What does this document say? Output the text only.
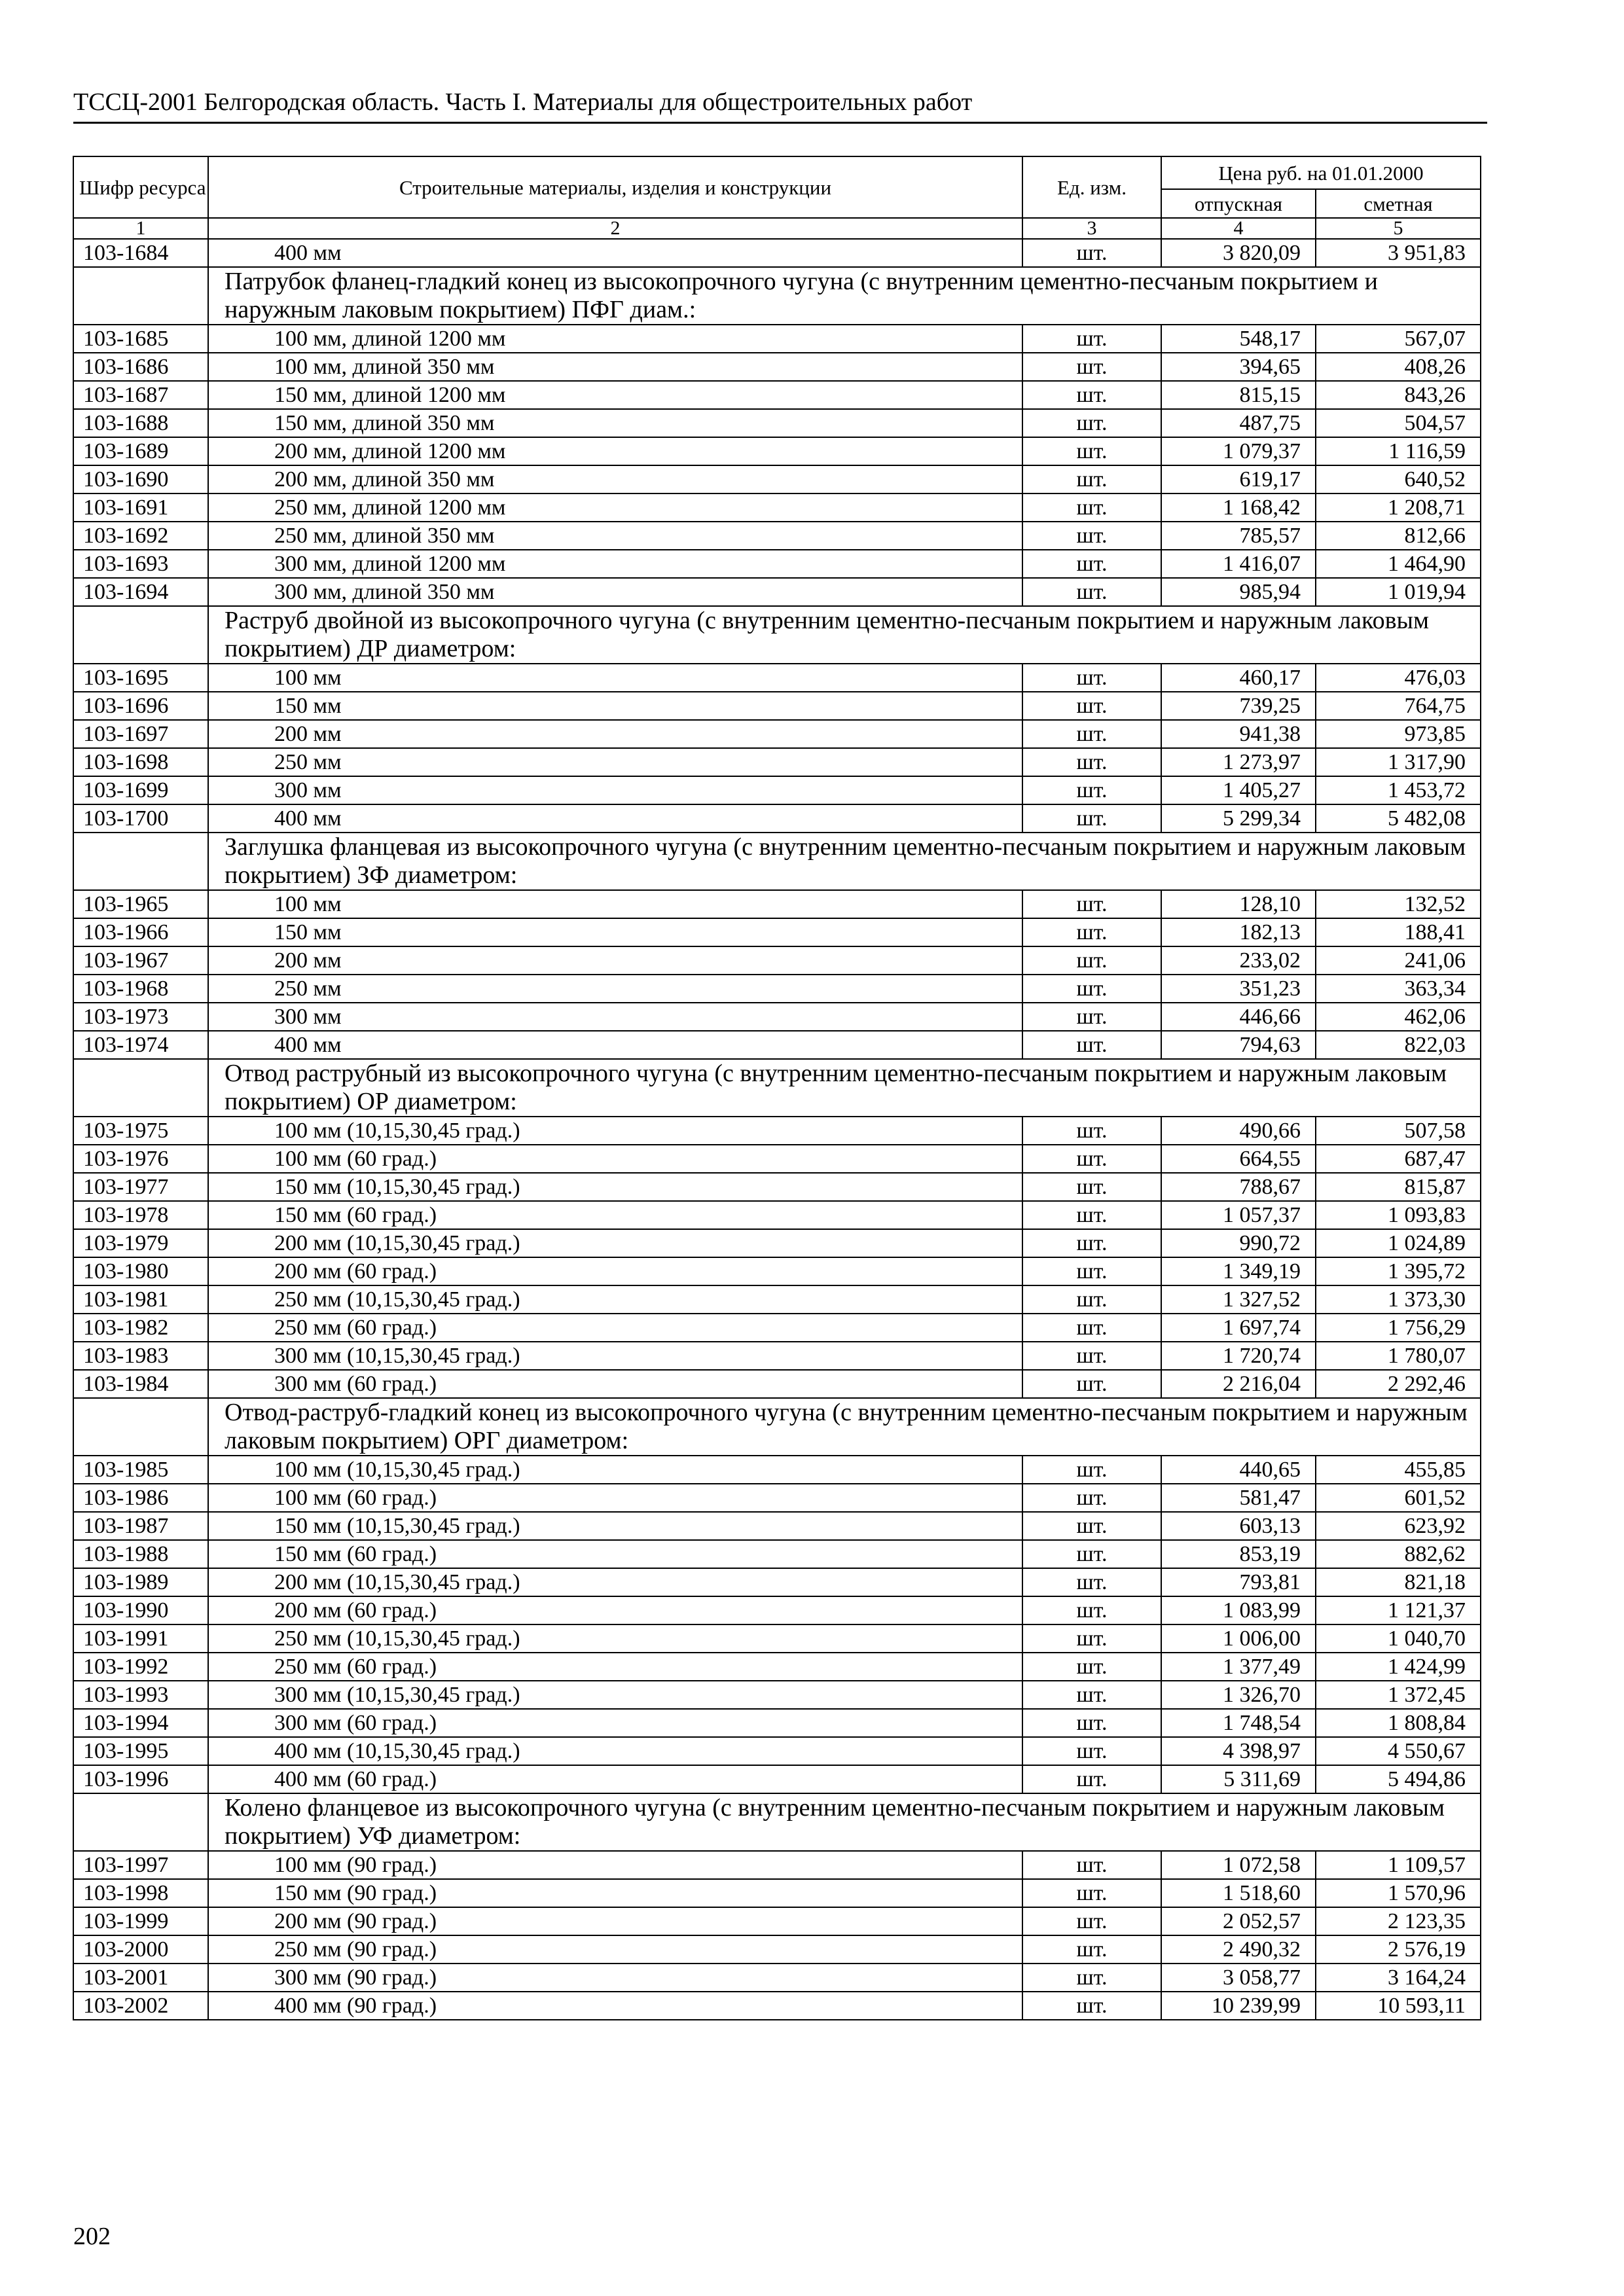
ТССЦ-2001 Белгородская область. Часть I. Материалы для общестроительных работ
Шифр ресурса	Строительные материалы, изделия и конструкции	Ед. изм.	Цена руб. на 01.01.2000	
			отпускная	сметная
1	2	3	4	5
103-1684	400 мм	шт.	3 820,09	3 951,83
	Патрубок фланец-гладкий конец из высокопрочного чугуна (с внутренним цементно-песчаным покрытием и наружным лаковым покрытием) ПФГ диам.:			
103-1685	100 мм, длиной 1200 мм	шт.	548,17	567,07
103-1686	100 мм, длиной 350 мм	шт.	394,65	408,26
103-1687	150 мм, длиной 1200 мм	шт.	815,15	843,26
103-1688	150 мм, длиной 350 мм	шт.	487,75	504,57
103-1689	200 мм, длиной 1200 мм	шт.	1 079,37	1 116,59
103-1690	200 мм, длиной 350 мм	шт.	619,17	640,52
103-1691	250 мм, длиной 1200 мм	шт.	1 168,42	1 208,71
103-1692	250 мм, длиной 350 мм	шт.	785,57	812,66
103-1693	300 мм, длиной 1200 мм	шт.	1 416,07	1 464,90
103-1694	300 мм, длиной 350 мм	шт.	985,94	1 019,94
	Раструб двойной из высокопрочного чугуна (с внутренним цементно-песчаным покрытием и наружным лаковым покрытием) ДР диаметром:			
103-1695	100 мм	шт.	460,17	476,03
103-1696	150 мм	шт.	739,25	764,75
103-1697	200 мм	шт.	941,38	973,85
103-1698	250 мм	шт.	1 273,97	1 317,90
103-1699	300 мм	шт.	1 405,27	1 453,72
103-1700	400 мм	шт.	5 299,34	5 482,08
	Заглушка фланцевая из высокопрочного чугуна (с внутренним цементно-песчаным покрытием и наружным лаковым покрытием) ЗФ диаметром:			
103-1965	100 мм	шт.	128,10	132,52
103-1966	150 мм	шт.	182,13	188,41
103-1967	200 мм	шт.	233,02	241,06
103-1968	250 мм	шт.	351,23	363,34
103-1973	300 мм	шт.	446,66	462,06
103-1974	400 мм	шт.	794,63	822,03
	Отвод раструбный из высокопрочного чугуна (с внутренним цементно-песчаным покрытием и наружным лаковым покрытием) ОР диаметром:			
103-1975	100 мм (10,15,30,45 град.)	шт.	490,66	507,58
103-1976	100 мм (60 град.)	шт.	664,55	687,47
103-1977	150 мм (10,15,30,45 град.)	шт.	788,67	815,87
103-1978	150 мм (60 град.)	шт.	1 057,37	1 093,83
103-1979	200 мм (10,15,30,45 град.)	шт.	990,72	1 024,89
103-1980	200 мм (60 град.)	шт.	1 349,19	1 395,72
103-1981	250 мм (10,15,30,45 град.)	шт.	1 327,52	1 373,30
103-1982	250 мм (60 град.)	шт.	1 697,74	1 756,29
103-1983	300 мм (10,15,30,45 град.)	шт.	1 720,74	1 780,07
103-1984	300 мм (60 град.)	шт.	2 216,04	2 292,46
	Отвод-раструб-гладкий конец из высокопрочного чугуна (с внутренним цементно-песчаным покрытием и наружным лаковым покрытием) ОРГ диаметром:			
103-1985	100 мм (10,15,30,45 град.)	шт.	440,65	455,85
103-1986	100 мм (60 град.)	шт.	581,47	601,52
103-1987	150 мм (10,15,30,45 град.)	шт.	603,13	623,92
103-1988	150 мм (60 град.)	шт.	853,19	882,62
103-1989	200 мм (10,15,30,45 град.)	шт.	793,81	821,18
103-1990	200 мм (60 град.)	шт.	1 083,99	1 121,37
103-1991	250 мм (10,15,30,45 град.)	шт.	1 006,00	1 040,70
103-1992	250 мм (60 град.)	шт.	1 377,49	1 424,99
103-1993	300 мм (10,15,30,45 град.)	шт.	1 326,70	1 372,45
103-1994	300 мм (60 град.)	шт.	1 748,54	1 808,84
103-1995	400 мм (10,15,30,45 град.)	шт.	4 398,97	4 550,67
103-1996	400 мм (60 град.)	шт.	5 311,69	5 494,86
	Колено фланцевое из высокопрочного чугуна (с внутренним цементно-песчаным покрытием и наружным лаковым покрытием) УФ диаметром:			
103-1997	100 мм (90 град.)	шт.	1 072,58	1 109,57
103-1998	150 мм (90 град.)	шт.	1 518,60	1 570,96
103-1999	200 мм (90 град.)	шт.	2 052,57	2 123,35
103-2000	250 мм (90 град.)	шт.	2 490,32	2 576,19
103-2001	300 мм (90 град.)	шт.	3 058,77	3 164,24
103-2002	400 мм (90 град.)	шт.	10 239,99	10 593,11
202
